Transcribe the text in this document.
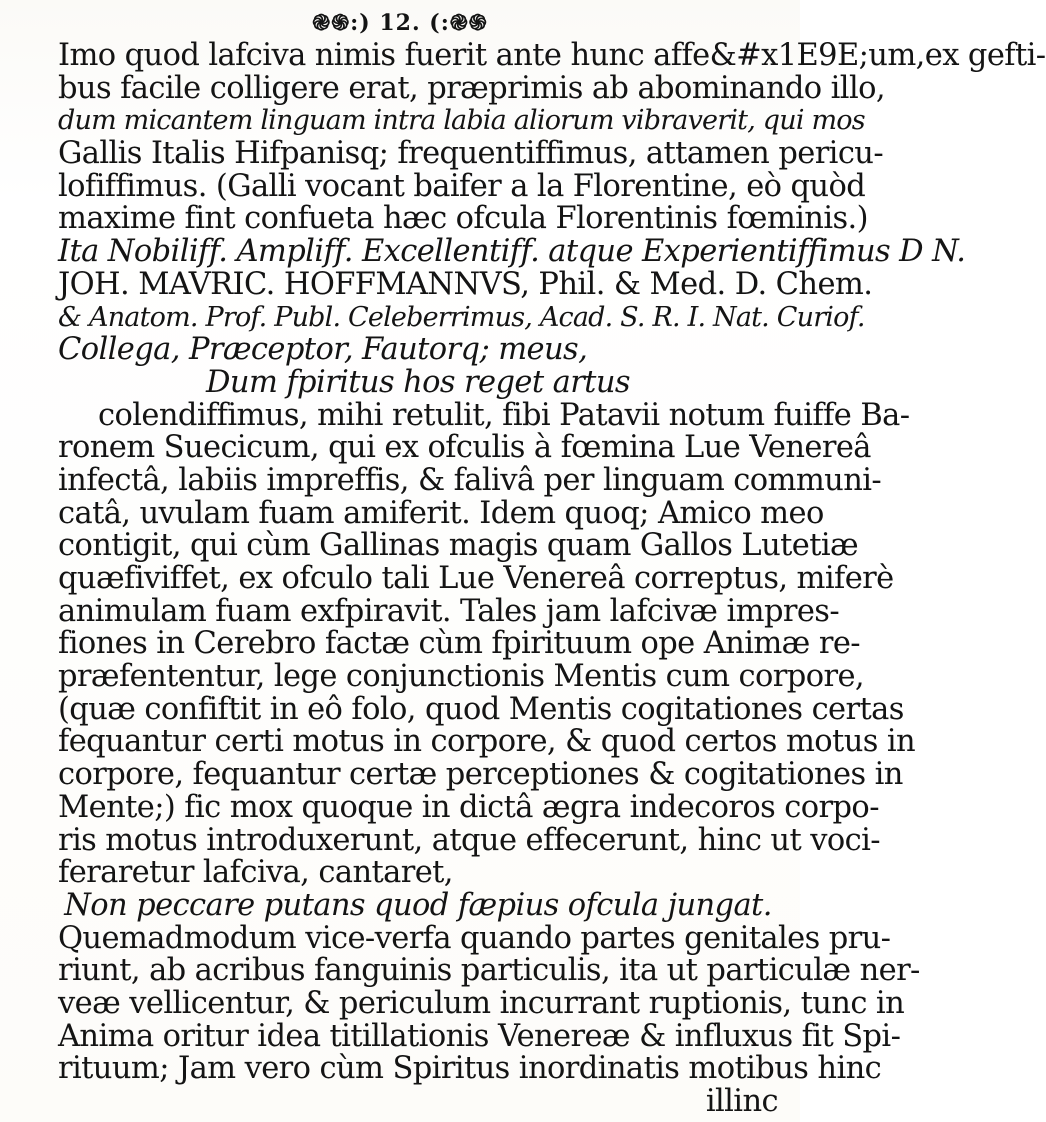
֎֍:) 12. (:֎֍
Imo quod lafciva nimis fuerit ante hunc affe&#x1E9E;um,ex gefti-
bus facile colligere erat, præprimis ab abominando illo,
dum micantem linguam intra labia aliorum vibraverit, qui mos
Gallis Italis Hifpanisq; frequentiffimus, attamen pericu-
lofiffimus. (Galli vocant baifer a la Florentine, eò quòd
maxime fint confueta hæc ofcula Florentinis fœminis.)
Ita Nobiliff. Ampliff. Excellentiff. atque Experientiffimus D N.
JOH. MAVRIC. HOFFMANNVS, Phil. & Med. D. Chem.
& Anatom. Prof. Publ. Celeberrimus, Acad. S. R. I. Nat. Curiof.
Collega, Præceptor, Fautorq; meus,
Dum fpiritus hos reget artus
colendiffimus, mihi retulit, fibi Patavii notum fuiffe Ba-
ronem Suecicum, qui ex ofculis à fœmina Lue Venereâ
infectâ, labiis impreffis, & falivâ per linguam communi-
catâ, uvulam fuam amiferit. Idem quoq; Amico meo
contigit, qui cùm Gallinas magis quam Gallos Lutetiæ
quæfiviffet, ex ofculo tali Lue Venereâ correptus, miferè
animulam fuam exfpiravit. Tales jam lafcivæ impres-
fiones in Cerebro factæ cùm fpirituum ope Animæ re-
præfententur, lege conjunctionis Mentis cum corpore,
(quæ confiftit in eô folo, quod Mentis cogitationes certas
fequantur certi motus in corpore, & quod certos motus in
corpore, fequantur certæ perceptiones & cogitationes in
Mente;) fic mox quoque in dictâ ægra indecoros corpo-
ris motus introduxerunt, atque effecerunt, hinc ut voci-
feraretur lafciva, cantaret,
Non peccare putans quod fæpius ofcula jungat.
Quemadmodum vice-verfa quando partes genitales pru-
riunt, ab acribus fanguinis particulis, ita ut particulæ ner-
veæ vellicentur, & periculum incurrant ruptionis, tunc in
Anima oritur idea titillationis Venereæ & influxus fit Spi-
rituum; Jam vero cùm Spiritus inordinatis motibus hinc
illinc
